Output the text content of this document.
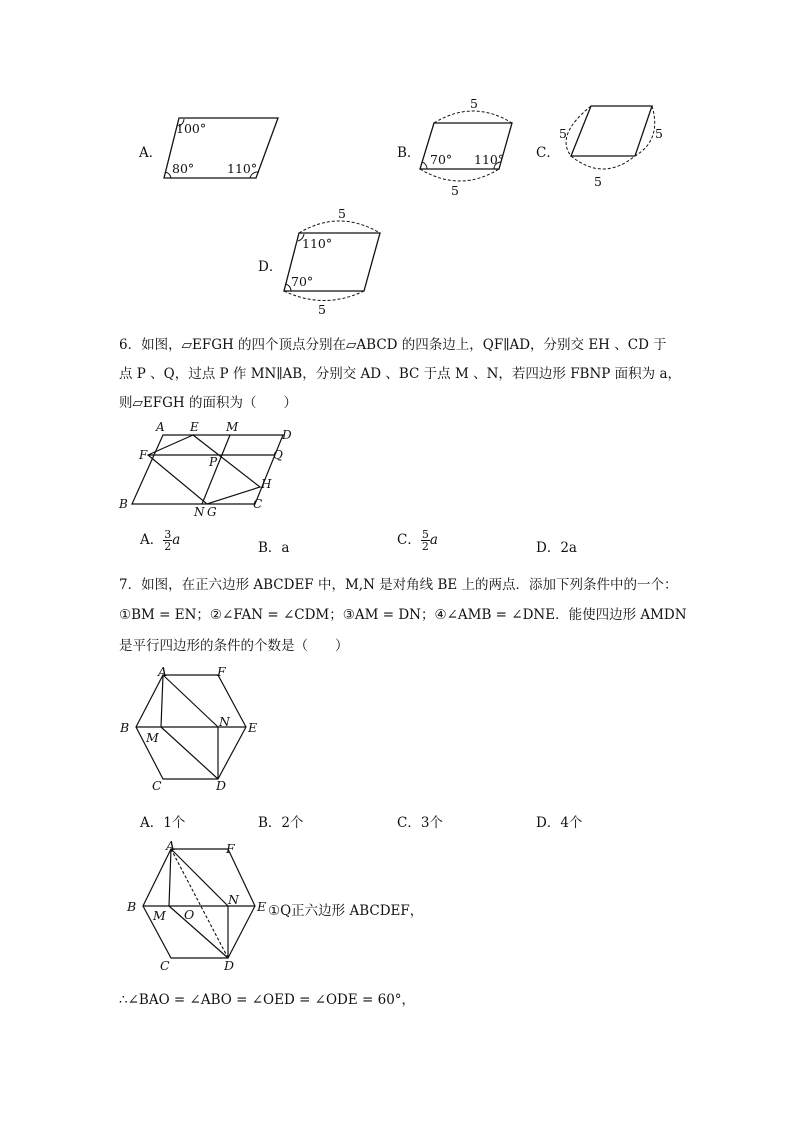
A．
100°
80°	110°
B．
5
5
70° 110° C．
5	5
5
D．
5
5
110°
70°
6．如图，▱EFGH 的四个顶点分别在▱ABCD 的四条边上，QF∥AD，分别交 EH 、CD 于
点 P 、Q，过点 P 作 MN∥AB，分别交 AD 、BC 于点 M 、N，若四边形 FBNP 面积为 a，
则▱EFGH 的面积为（　　）
A E M
D
F	P	Q
H
B
N G
C
A． $\frac{3}{2}$ a	B．a	C． $\frac{5}{2}$ a	D．2a
7．如图，在正六边形 ABCDEF 中，M,N 是对角线 BE 上的两点．添加下列条件中的一个：
①BM = EN；②∠FAN = ∠CDM；③AM = DN；④∠AMB = ∠DNE．能使四边形 AMDN
是平行四边形的条件的个数是（　　）
A	F
B	N E
M
C	D
A．1个	B．2个	C．3个	D．4个
A	F
B
M O
N E
C	D
①Q正六边形 ABCDEF，
∴∠BAO = ∠ABO = ∠OED = ∠ODE = 60°，
